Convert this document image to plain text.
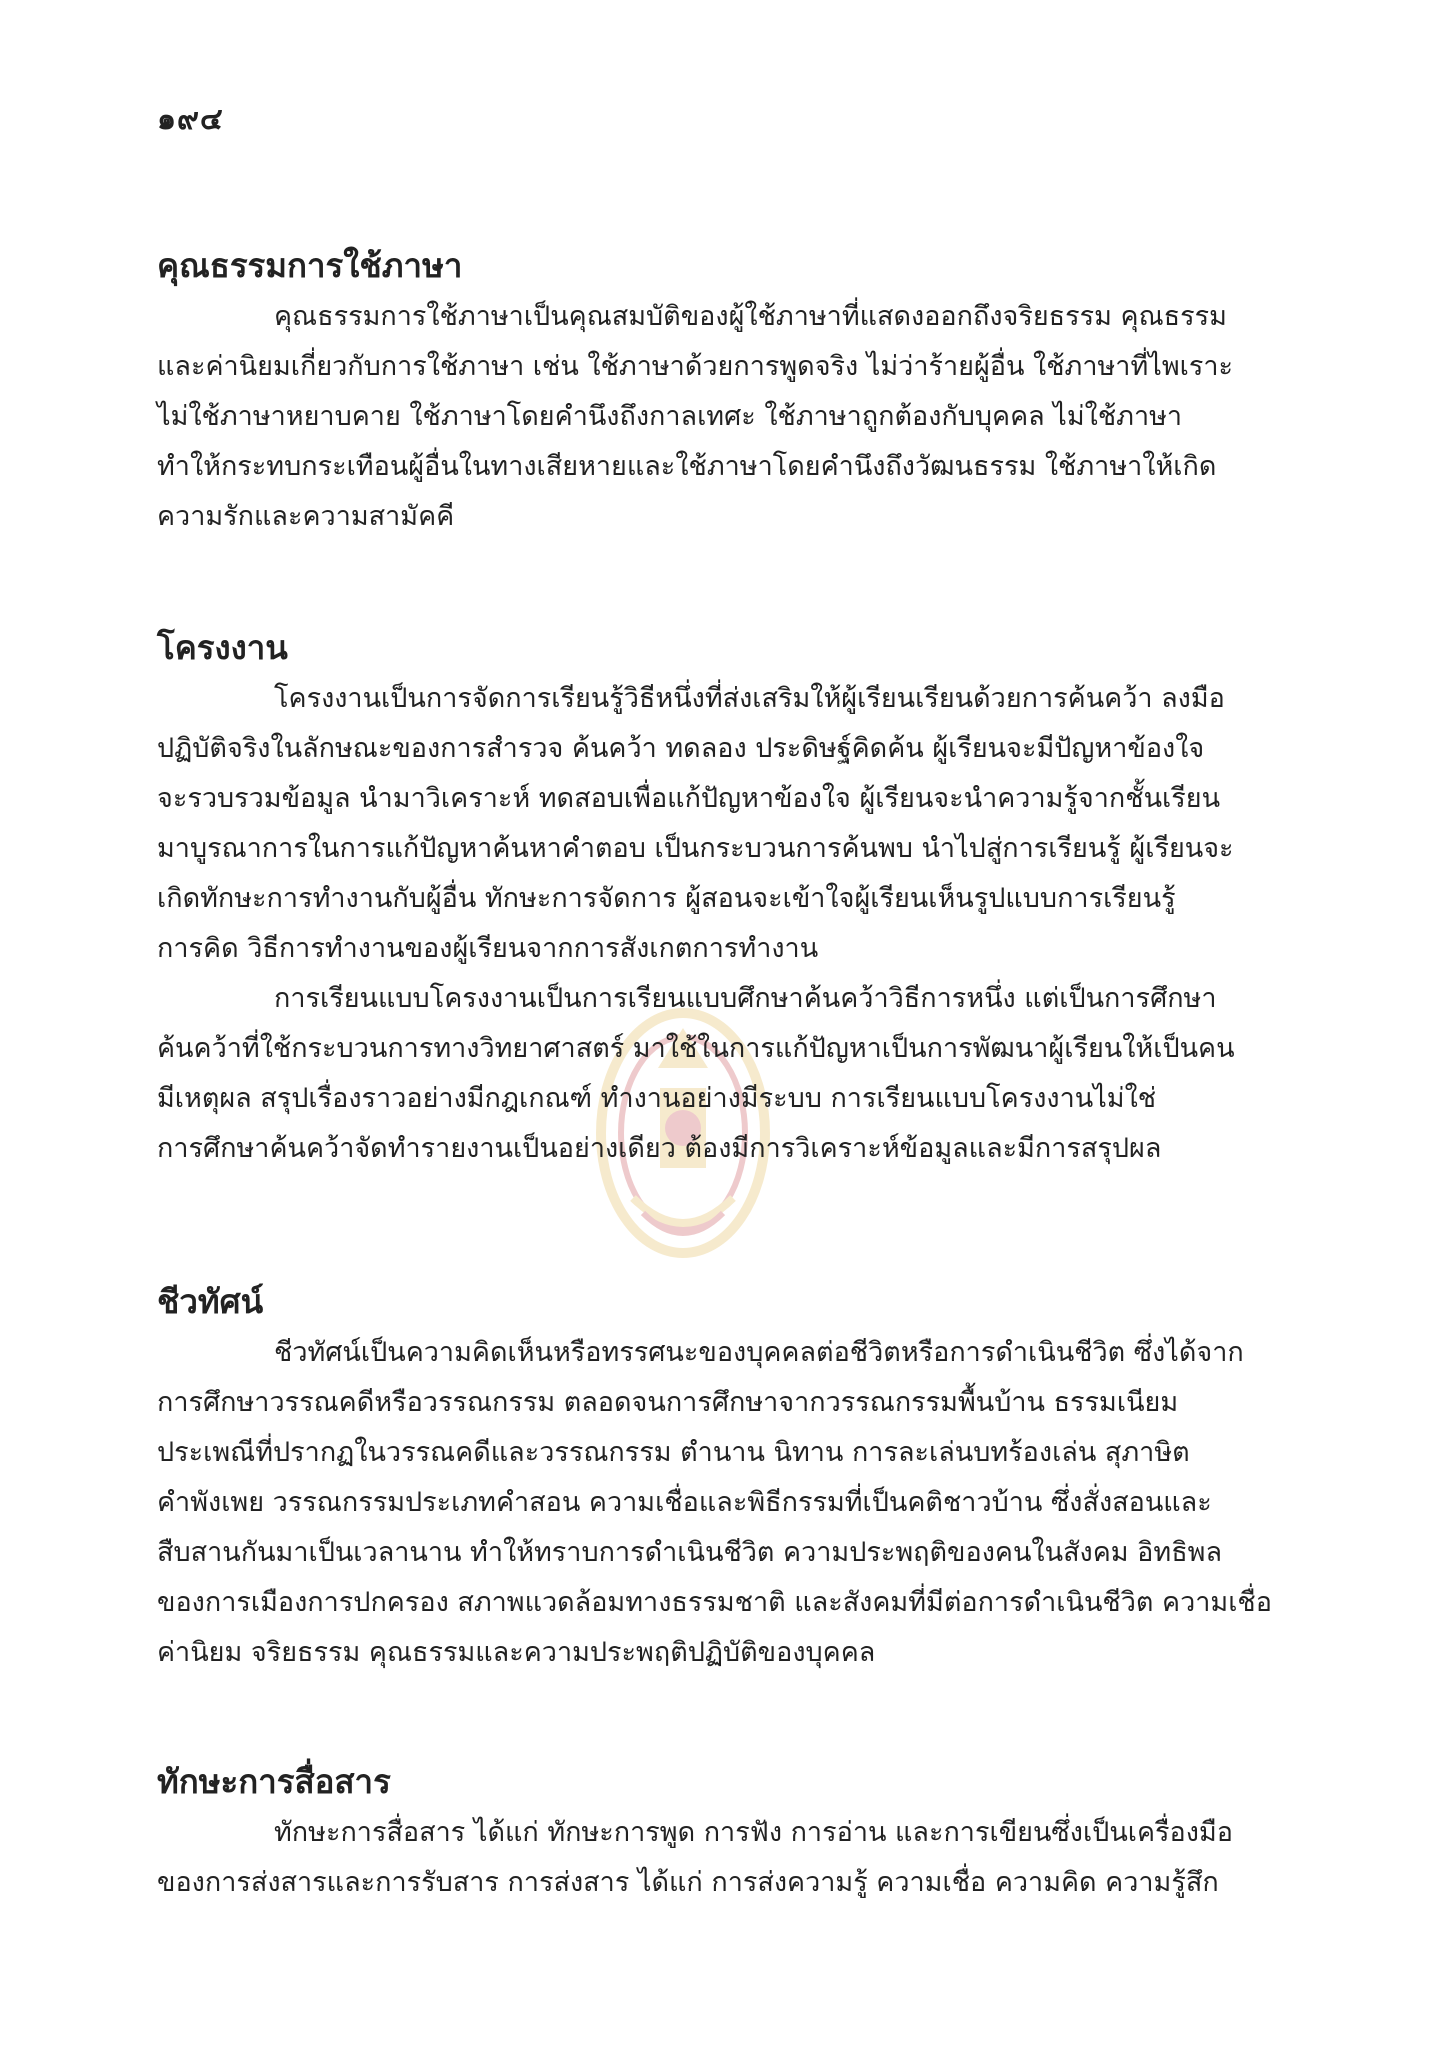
๑๙๔
คุณธรรมการใช้ภาษา
คุณธรรมการใช้ภาษาเป็นคุณสมบัติของผู้ใช้ภาษาที่แสดงออกถึงจริยธรรม คุณธรรม
และค่านิยมเกี่ยวกับการใช้ภาษา เช่น ใช้ภาษาด้วยการพูดจริง ไม่ว่าร้ายผู้อื่น ใช้ภาษาที่ไพเราะ
ไม่ใช้ภาษาหยาบคาย ใช้ภาษาโดยคำนึงถึงกาลเทศะ ใช้ภาษาถูกต้องกับบุคคล ไม่ใช้ภาษา
ทำให้กระทบกระเทือนผู้อื่นในทางเสียหายและใช้ภาษาโดยคำนึงถึงวัฒนธรรม ใช้ภาษาให้เกิด
ความรักและความสามัคคี
โครงงาน
โครงงานเป็นการจัดการเรียนรู้วิธีหนึ่งที่ส่งเสริมให้ผู้เรียนเรียนด้วยการค้นคว้า ลงมือ
ปฏิบัติจริงในลักษณะของการสำรวจ ค้นคว้า ทดลอง ประดิษฐ์คิดค้น ผู้เรียนจะมีปัญหาข้องใจ
จะรวบรวมข้อมูล นำมาวิเคราะห์ ทดสอบเพื่อแก้ปัญหาข้องใจ ผู้เรียนจะนำความรู้จากชั้นเรียน
มาบูรณาการในการแก้ปัญหาค้นหาคำตอบ เป็นกระบวนการค้นพบ นำไปสู่การเรียนรู้ ผู้เรียนจะ
เกิดทักษะการทำงานกับผู้อื่น ทักษะการจัดการ ผู้สอนจะเข้าใจผู้เรียนเห็นรูปแบบการเรียนรู้
การคิด วิธีการทำงานของผู้เรียนจากการสังเกตการทำงาน
การเรียนแบบโครงงานเป็นการเรียนแบบศึกษาค้นคว้าวิธีการหนึ่ง แต่เป็นการศึกษา
ค้นคว้าที่ใช้กระบวนการทางวิทยาศาสตร์ มาใช้ในการแก้ปัญหาเป็นการพัฒนาผู้เรียนให้เป็นคน
มีเหตุผล สรุปเรื่องราวอย่างมีกฎเกณฑ์ ทำงานอย่างมีระบบ การเรียนแบบโครงงานไม่ใช่
การศึกษาค้นคว้าจัดทำรายงานเป็นอย่างเดียว ต้องมีการวิเคราะห์ข้อมูลและมีการสรุปผล
ชีวทัศน์
ชีวทัศน์เป็นความคิดเห็นหรือทรรศนะของบุคคลต่อชีวิตหรือการดำเนินชีวิต ซึ่งได้จาก
การศึกษาวรรณคดีหรือวรรณกรรม ตลอดจนการศึกษาจากวรรณกรรมพื้นบ้าน ธรรมเนียม
ประเพณีที่ปรากฏในวรรณคดีและวรรณกรรม ตำนาน นิทาน การละเล่นบทร้องเล่น สุภาษิต
คำพังเพย วรรณกรรมประเภทคำสอน ความเชื่อและพิธีกรรมที่เป็นคติชาวบ้าน ซึ่งสั่งสอนและ
สืบสานกันมาเป็นเวลานาน ทำให้ทราบการดำเนินชีวิต ความประพฤติของคนในสังคม อิทธิพล
ของการเมืองการปกครอง สภาพแวดล้อมทางธรรมชาติ และสังคมที่มีต่อการดำเนินชีวิต ความเชื่อ
ค่านิยม จริยธรรม คุณธรรมและความประพฤติปฏิบัติของบุคคล
ทักษะการสื่อสาร
ทักษะการสื่อสาร ได้แก่ ทักษะการพูด การฟัง การอ่าน และการเขียนซึ่งเป็นเครื่องมือ
ของการส่งสารและการรับสาร การส่งสาร ได้แก่ การส่งความรู้ ความเชื่อ ความคิด ความรู้สึก
